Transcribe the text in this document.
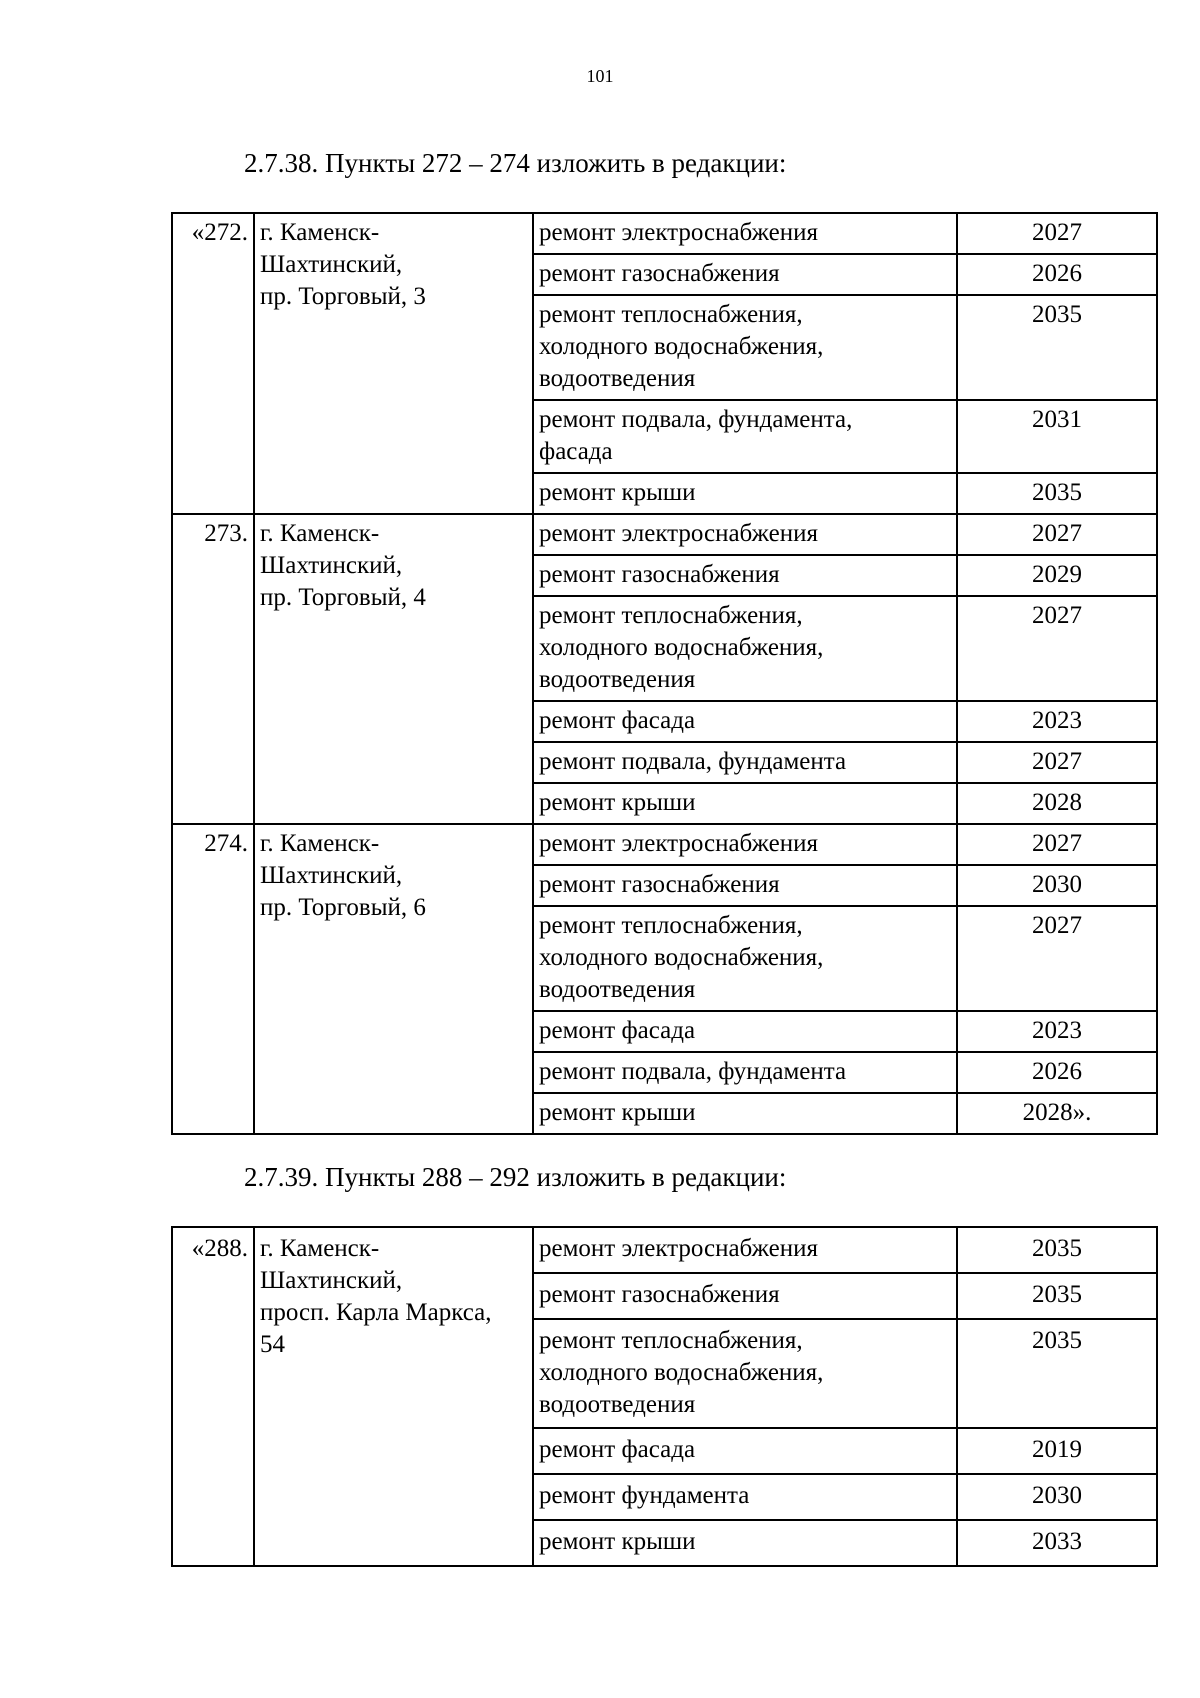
101
2.7.38. Пункты 272 – 274 изложить в редакции:
«272.	г. Каменск-
Шахтинский,
пр. Торговый, 3	ремонт электроснабжения	2027

		ремонт газоснабжения	2026

		ремонт теплоснабжения,
холодного водоснабжения,
водоотведения	2035

		ремонт подвала, фундамента,
фасада	2031

		ремонт крыши	2035
273.	г. Каменск-
Шахтинский,
пр. Торговый, 4	ремонт электроснабжения	2027

		ремонт газоснабжения	2029

		ремонт теплоснабжения,
холодного водоснабжения,
водоотведения	2027

		ремонт фасада	2023

		ремонт подвала, фундамента	2027

		ремонт крыши	2028
274.	г. Каменск-
Шахтинский,
пр. Торговый, 6	ремонт электроснабжения	2027

		ремонт газоснабжения	2030

		ремонт теплоснабжения,
холодного водоснабжения,
водоотведения	2027

		ремонт фасада	2023

		ремонт подвала, фундамента	2026

		ремонт крыши	2028».
2.7.39. Пункты 288 – 292 изложить в редакции:
«288.	г. Каменск-
Шахтинский,
просп. Карла Маркса,
54	ремонт электроснабжения	2035

		ремонт газоснабжения	2035

		ремонт теплоснабжения,
холодного водоснабжения,
водоотведения	2035

		ремонт фасада	2019

		ремонт фундамента	2030

		ремонт крыши	2033
